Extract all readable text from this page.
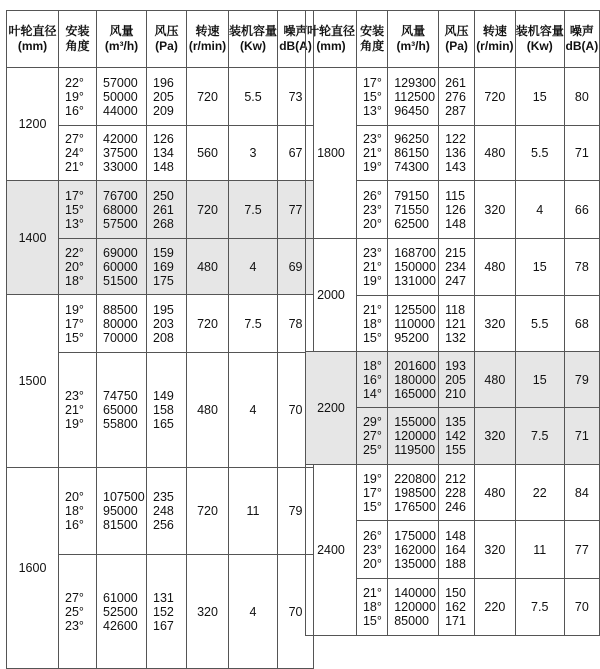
叶轮直径
(mm)	安装
角度	风量
(m³/h)	风压
(Pa)	转速
(r/min)	装机容量
(Kw)	噪声
dB(A)

1200	22°
19°
16°	57000
50000
44000	196
205
209	720	5.5	73

	27°
24°
21°	42000
37500
33000	126
134
148	560	3	67
1400	17°
15°
13°	76700
68000
57500	250
261
268	720	7.5	77

	22°
20°
18°	69000
60000
51500	159
169
175	480	4	69
1500	19°
17°
15°	88500
80000
70000	195
203
208	720	7.5	78

	23°
21°
19°	74750
65000
55800	149
158
165	480	4	70
1600	20°
18°
16°	107500
95000
81500	235
248
256	720	11	79

	27°
25°
23°	61000
52500
42600	131
152
167	320	4	70
叶轮直径
(mm)	安装
角度	风量
(m³/h)	风压
(Pa)	转速
(r/min)	装机容量
(Kw)	噪声
dB(A)

1800	17°
15°
13°	129300
112500
96450	261
276
287	720	15	80

	23°
21°
19°	96250
86150
74300	122
136
143	480	5.5	71

	26°
23°
20°	79150
71550
62500	115
126
148	320	4	66
2000	23°
21°
19°	168700
150000
131000	215
234
247	480	15	78

	21°
18°
15°	125500
110000
95200	118
121
132	320	5.5	68
2200	18°
16°
14°	201600
180000
165000	193
205
210	480	15	79

	29°
27°
25°	155000
120000
119500	135
142
155	320	7.5	71
2400	19°
17°
15°	220800
198500
176500	212
228
246	480	22	84

	26°
23°
20°	175000
162000
135000	148
164
188	320	11	77

	21°
18°
15°	140000
120000
85000	150
162
171	220	7.5	70
